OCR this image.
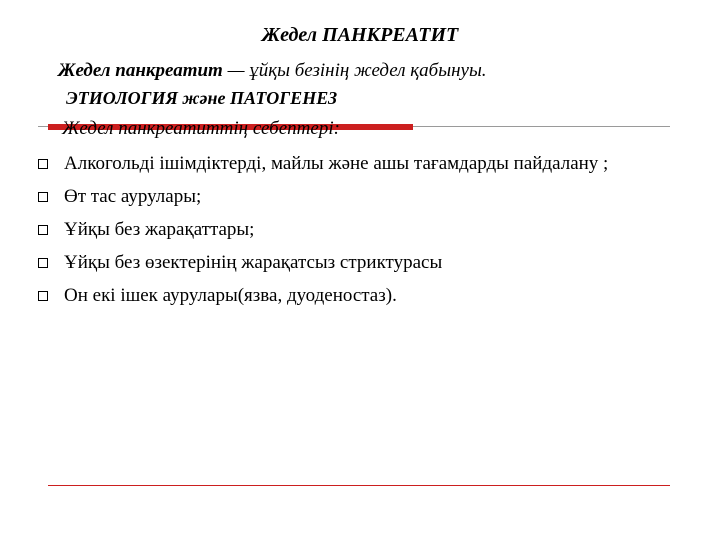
Жедел ПАНКРЕАТИТ
Жедел панкреатит — ұйқы безінің жедел қабынуы.
ЭТИОЛОГИЯ және ПАТОГЕНЕЗ
Жедел панкреатиттің себептері:
Алкогольді ішімдіктерді, майлы және ашы тағамдарды пайдалану ;
Өт тас аурулары;
Ұйқы без жарақаттары;
Ұйқы без өзектерінің жарақатсыз стриктурасы
Он екі ішек аурулары(язва, дуоденостаз).
